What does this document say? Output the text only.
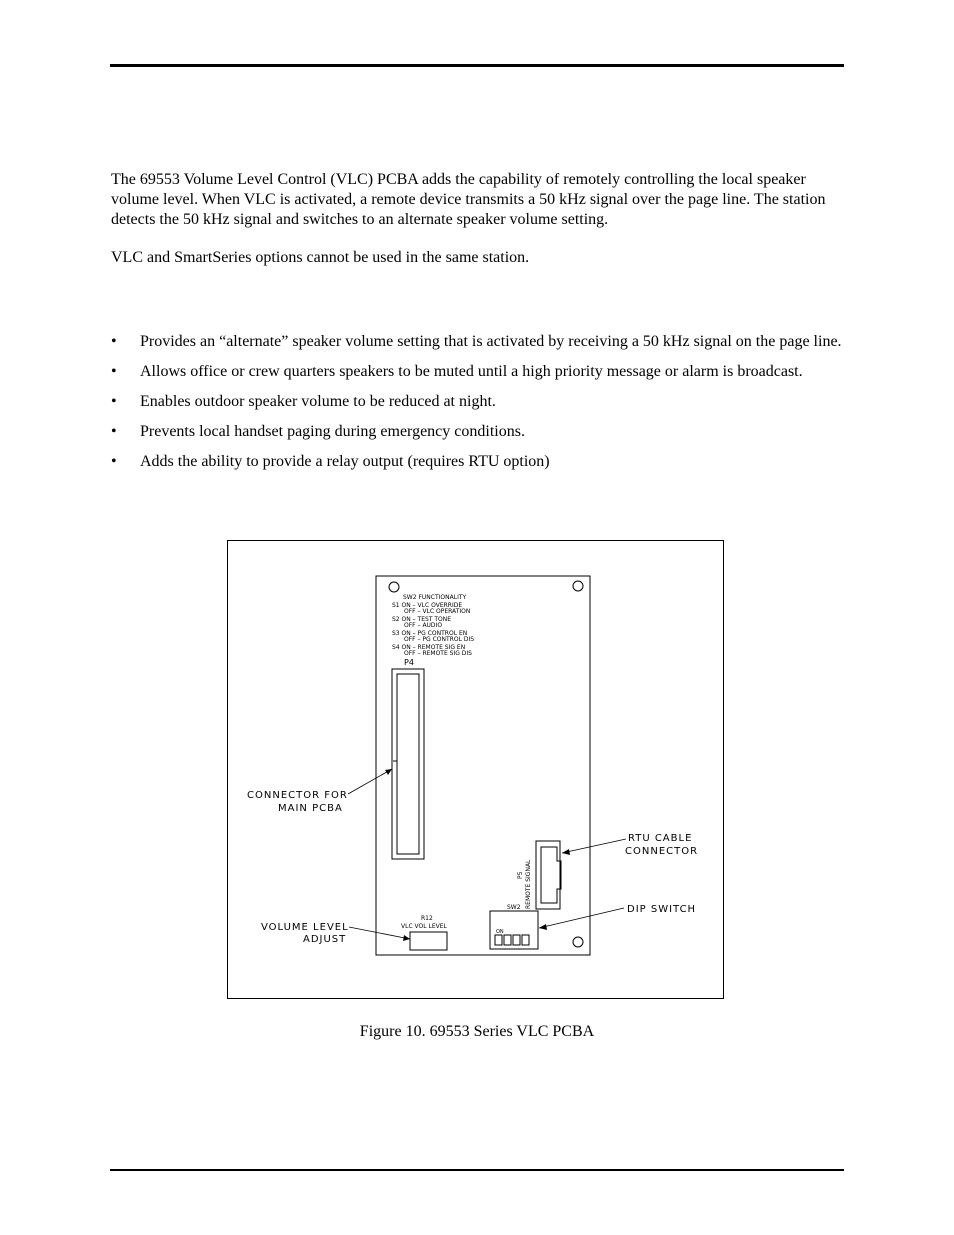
The 69553 Volume Level Control (VLC) PCBA adds the capability of remotely controlling the local speaker volume level. When VLC is activated, a remote device transmits a 50 kHz signal over the page line. The station detects the 50 kHz signal and switches to an alternate speaker volume setting.

VLC and SmartSeries options cannot be used in the same station.

• Provides an “alternate” speaker volume setting that is activated by receiving a 50 kHz signal on the page line.
• Allows office or crew quarters speakers to be muted until a high priority message or alarm is broadcast.
• Enables outdoor speaker volume to be reduced at night.
• Prevents local handset paging during emergency conditions.
• Adds the ability to provide a relay output (requires RTU option)
SW2 FUNCTIONALITY
S1 ON – VLC OVERRIDE
OFF – VLC OPERATION
S2 ON – TEST TONE
OFF – AUDIO
S3 ON – PG CONTROL EN
OFF – PG CONTROL DIS
S4 ON – REMOTE SIG EN
OFF – REMOTE SIG DIS
P4
P5 REMOTE SIGNAL
SW2
ON
R12
VLC VOL LEVEL
CONNECTOR FOR
MAIN PCBA
RTU CABLE
CONNECTOR
DIP SWITCH
VOLUME LEVEL
ADJUST
Figure 10. 69553 Series VLC PCBA
